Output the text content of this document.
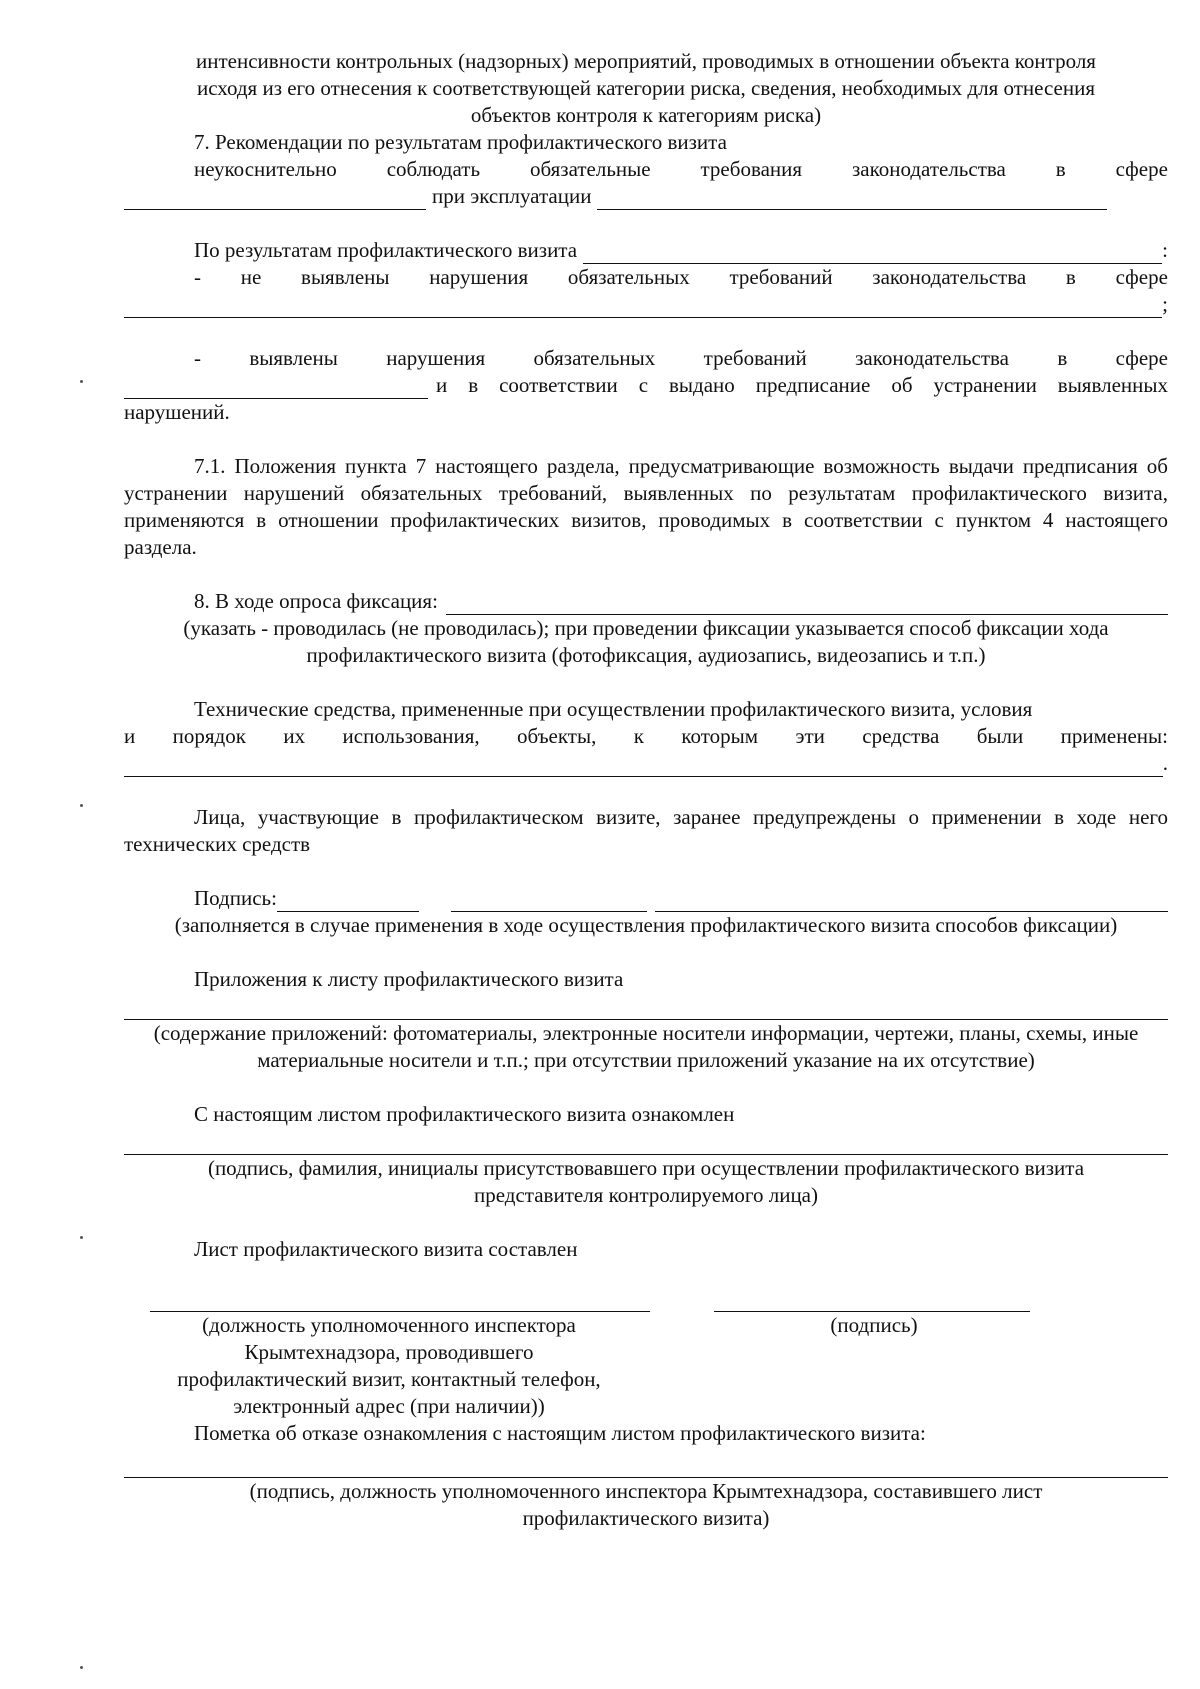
интенсивности контрольных (надзорных) мероприятий, проводимых в отношении объекта контроля

исходя из его отнесения к соответствующей категории риска, сведения, необходимых для отнесения

объектов контроля к категориям риска)

7. Рекомендации по результатам профилактического визита

неукоснительно соблюдать обязательные требования законодательства в сфере
при эксплуатации
По результатам профилактического визита	:
- не выявлены нарушения обязательных требований законодательства в сфере
;
- выявлены нарушения обязательных требований законодательства в сфере
и в соответствии с выдано предписание об устранении выявленных

нарушений.

7.1. Положения пункта 7 настоящего раздела, предусматривающие возможность выдачи предписания об устранении нарушений обязательных требований, выявленных по результатам профилактического визита, применяются в отношении профилактических визитов, проводимых в соответствии с пунктом 4 настоящего раздела.

8. В ходе опроса фиксация:

(указать - проводилась (не проводилась); при проведении фиксации указывается способ фиксации хода профилактического визита (фотофиксация, аудиозапись, видеозапись и т.п.)

Технические средства, примененные при осуществлении профилактического визита, условия

и порядок их использования, объекты, к которым эти средства были применены:
.

Лица, участвующие в профилактическом визите, заранее предупреждены о применении в ходе него технических средств

Подпись:

(заполняется в случае применения в ходе осуществления профилактического визита способов фиксации)

Приложения к листу профилактического визита

(содержание приложений: фотоматериалы, электронные носители информации, чертежи, планы, схемы, иные материальные носители и т.п.; при отсутствии приложений указание на их отсутствие)

С настоящим листом профилактического визита ознакомлен

(подпись, фамилия, инициалы присутствовавшего при осуществлении профилактического визита представителя контролируемого лица)

Лист профилактического визита составлен

(должность уполномоченного инспектора Крымтехнадзора, проводившего профилактический визит, контактный телефон, электронный адрес (при наличии))

(подпись)

Пометка об отказе ознакомления с настоящим листом профилактического визита:

(подпись, должность уполномоченного инспектора Крымтехнадзора, составившего лист профилактического визита)
